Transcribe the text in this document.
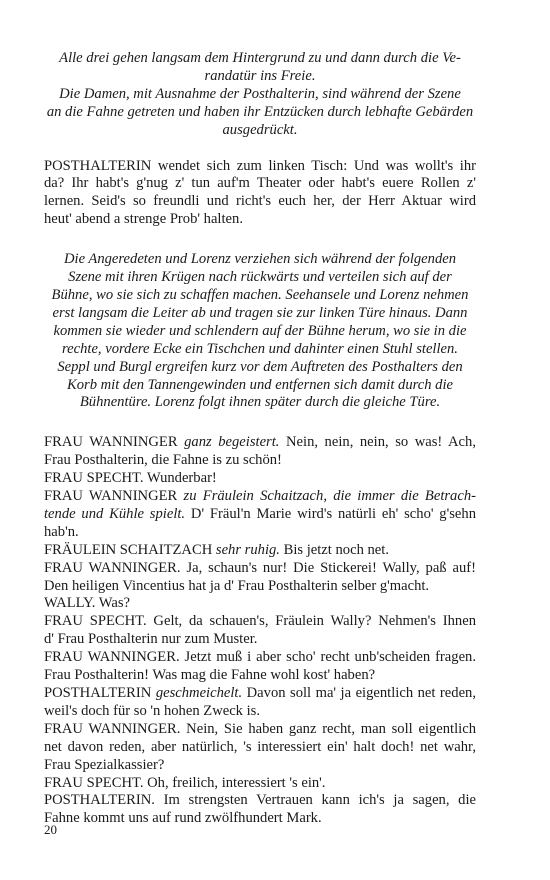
Alle drei gehen langsam dem Hintergrund zu und dann durch die Ve-

randatür ins Freie.

Die Damen, mit Ausnahme der Posthalterin, sind während der Szene

an die Fahne getreten und haben ihr Entzücken durch lebhafte Gebärden

ausgedrückt.

POSTHALTERIN wendet sich zum linken Tisch: Und was wollt's ihr

da? Ihr habt's g'nug z' tun auf'm Theater oder habt's euere Rollen z'

lernen. Seid's so freundli und richt's euch her, der Herr Aktuar wird

heut' abend a strenge Prob' halten.

Die Angeredeten und Lorenz verziehen sich während der folgenden

Szene mit ihren Krügen nach rückwärts und verteilen sich auf der

Bühne, wo sie sich zu schaffen machen. Seehansele und Lorenz nehmen

erst langsam die Leiter ab und tragen sie zur linken Türe hinaus. Dann

kommen sie wieder und schlendern auf der Bühne herum, wo sie in die

rechte, vordere Ecke ein Tischchen und dahinter einen Stuhl stellen.

Seppl und Burgl ergreifen kurz vor dem Auftreten des Posthalters den

Korb mit den Tannengewinden und entfernen sich damit durch die

Bühnentüre. Lorenz folgt ihnen später durch die gleiche Türe.

FRAU WANNINGER ganz begeistert. Nein, nein, nein, so was! Ach,

Frau Posthalterin, die Fahne is zu schön!

FRAU SPECHT. Wunderbar!

FRAU WANNINGER zu Fräulein Schaitzach, die immer die Betrach-

tende und Kühle spielt. D' Fräul'n Marie wird's natürli eh' scho' g'sehn

hab'n.

FRÄULEIN SCHAITZACH sehr ruhig. Bis jetzt noch net.

FRAU WANNINGER. Ja, schaun's nur! Die Stickerei! Wally, paß auf!

Den heiligen Vincentius hat ja d' Frau Posthalterin selber g'macht.

WALLY. Was?

FRAU SPECHT. Gelt, da schauen's, Fräulein Wally? Nehmen's Ihnen

d' Frau Posthalterin nur zum Muster.

FRAU WANNINGER. Jetzt muß i aber scho' recht unb'scheiden fragen.

Frau Posthalterin! Was mag die Fahne wohl kost' haben?

POSTHALTERIN geschmeichelt. Davon soll ma' ja eigentlich net reden,

weil's doch für so 'n hohen Zweck is.

FRAU WANNINGER. Nein, Sie haben ganz recht, man soll eigentlich

net davon reden, aber natürlich, 's interessiert ein' halt doch! net wahr,

Frau Spezialkassier?

FRAU SPECHT. Oh, freilich, interessiert 's ein'.

POSTHALTERIN. Im strengsten Vertrauen kann ich's ja sagen, die

Fahne kommt uns auf rund zwölfhundert Mark.

20
